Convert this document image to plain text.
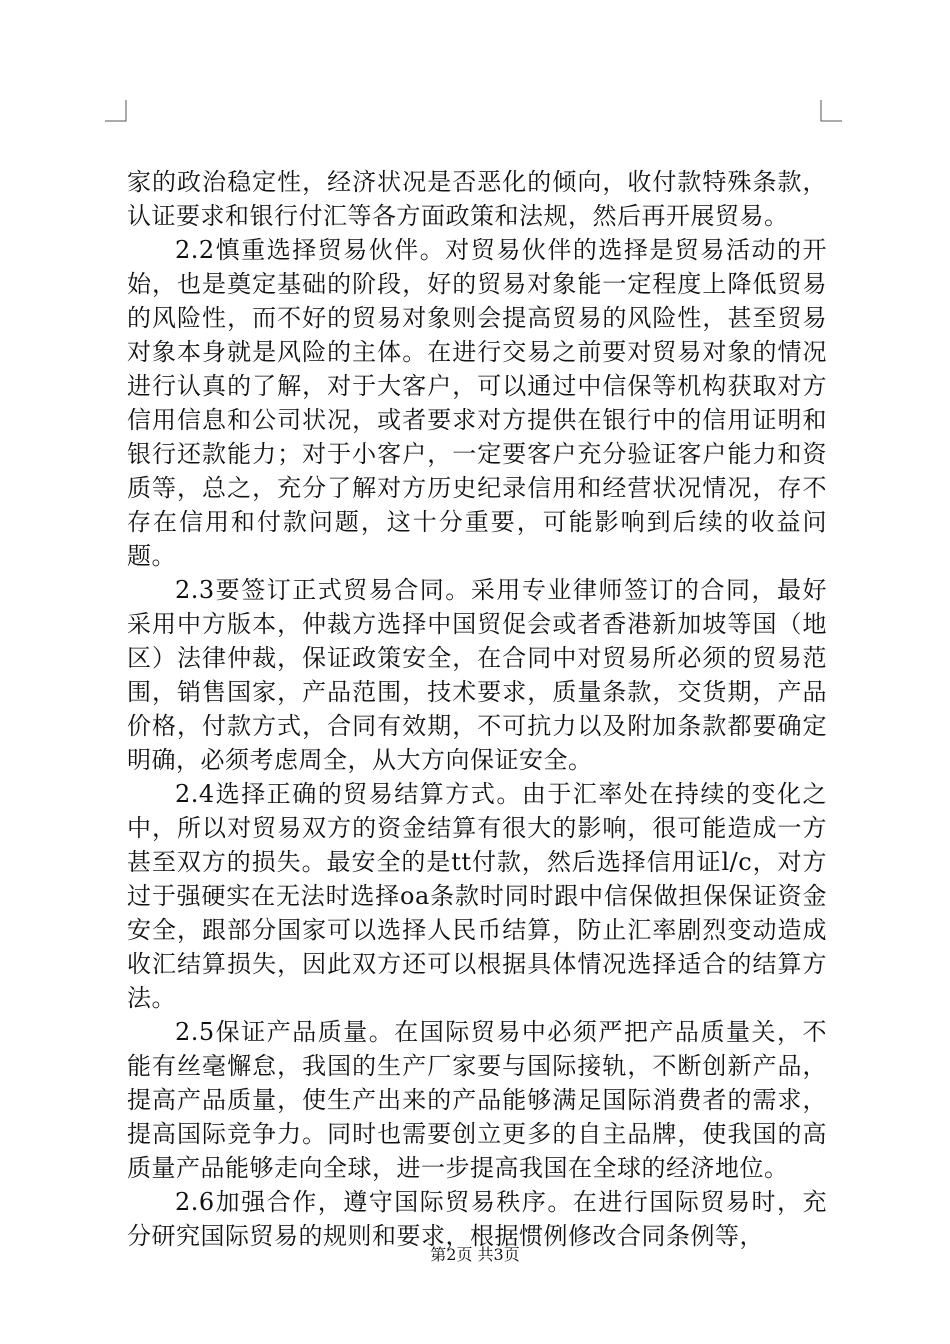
家的政治稳定性，经济状况是否恶化的倾向，收付款特殊条款，认证要求和银行付汇等各方面政策和法规，然后再开展贸易。

2.2慎重选择贸易伙伴。对贸易伙伴的选择是贸易活动的开始，也是奠定基础的阶段，好的贸易对象能一定程度上降低贸易的风险性，而不好的贸易对象则会提高贸易的风险性，甚至贸易对象本身就是风险的主体。在进行交易之前要对贸易对象的情况进行认真的了解，对于大客户，可以通过中信保等机构获取对方信用信息和公司状况，或者要求对方提供在银行中的信用证明和银行还款能力；对于小客户，一定要客户充分验证客户能力和资质等，总之，充分了解对方历史纪录信用和经营状况情况，存不存在信用和付款问题，这十分重要，可能影响到后续的收益问题。

2.3要签订正式贸易合同。采用专业律师签订的合同，最好采用中方版本，仲裁方选择中国贸促会或者香港新加坡等国（地区）法律仲裁，保证政策安全，在合同中对贸易所必须的贸易范围，销售国家，产品范围，技术要求，质量条款，交货期，产品价格，付款方式，合同有效期，不可抗力以及附加条款都要确定明确，必须考虑周全，从大方向保证安全。

2.4选择正确的贸易结算方式。由于汇率处在持续的变化之中，所以对贸易双方的资金结算有很大的影响，很可能造成一方甚至双方的损失。最安全的是tt付款，然后选择信用证l/c，对方过于强硬实在无法时选择oa条款时同时跟中信保做担保保证资金安全，跟部分国家可以选择人民币结算，防止汇率剧烈变动造成收汇结算损失，因此双方还可以根据具体情况选择适合的结算方法。

2.5保证产品质量。在国际贸易中必须严把产品质量关，不能有丝毫懈怠，我国的生产厂家要与国际接轨，不断创新产品，提高产品质量，使生产出来的产品能够满足国际消费者的需求，提高国际竞争力。同时也需要创立更多的自主品牌，使我国的高质量产品能够走向全球，进一步提高我国在全球的经济地位。

2.6加强合作，遵守国际贸易秩序。在进行国际贸易时，充分研究国际贸易的规则和要求，根据惯例修改合同条例等，

第2页 共3页
